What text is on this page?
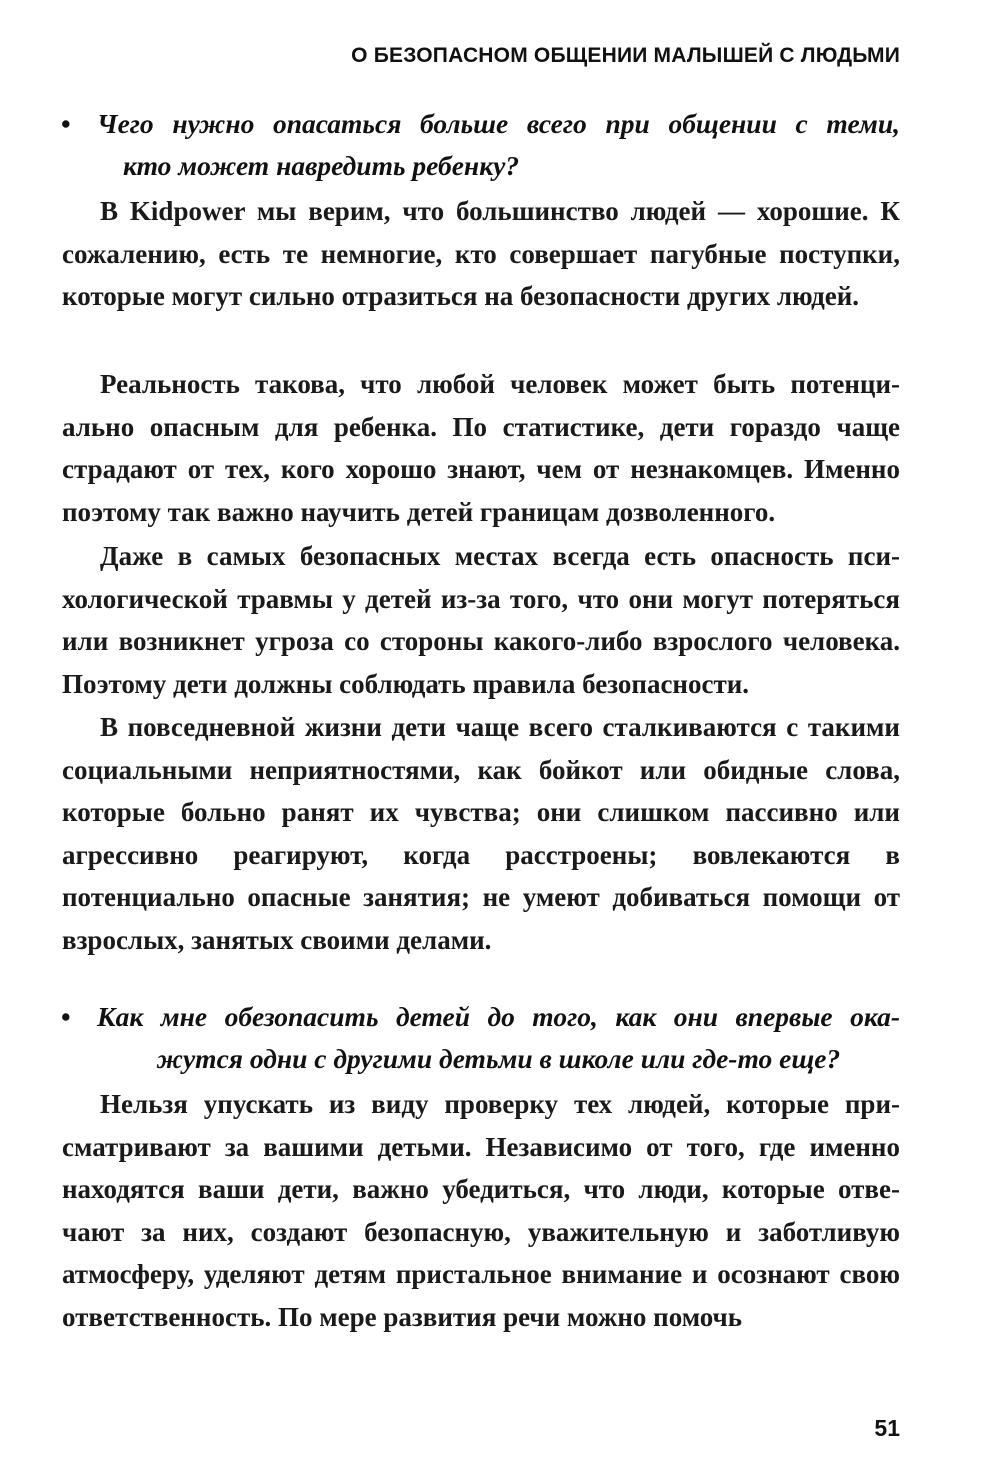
О БЕЗОПАСНОМ ОБЩЕНИИ МАЛЫШЕЙ С ЛЮДЬМИ
• Чего нужно опасаться больше всего при общении с теми,
кто может навредить ребенку?

В Kidpower мы верим, что большинство людей — хорошие. К сожалению, есть те немногие, кто совершает пагубные поступки, которые могут сильно отразиться на безопасности других людей.

Реальность такова, что любой человек может быть потенциально опасным для ребенка. По статистике, дети гораздо чаще страдают от тех, кого хорошо знают, чем от незнакомцев. Именно поэтому так важно научить детей границам дозволенного.

Даже в самых безопасных местах всегда есть опасность психологической травмы у детей из-за того, что они могут потеряться или возникнет угроза со стороны какого-либо взрослого человека. Поэтому дети должны соблюдать правила безопасности.

В повседневной жизни дети чаще всего сталкиваются с такими социальными неприятностями, как бойкот или обидные слова, которые больно ранят их чувства; они слишком пассивно или агрессивно реагируют, когда расстроены; вовлекаются в потенциально опасные занятия; не умеют добиваться помощи от взрослых, занятых своими делами.

• Как мне обезопасить детей до того, как они впервые ока-
жутся одни с другими детьми в школе или где-то еще?

Нельзя упускать из виду проверку тех людей, которые присматривают за вашими детьми. Независимо от того, где именно находятся ваши дети, важно убедиться, что люди, которые отвечают за них, создают безопасную, уважительную и заботливую атмосферу, уделяют детям пристальное внимание и осознают свою ответственность. По мере развития речи можно помочь

51
